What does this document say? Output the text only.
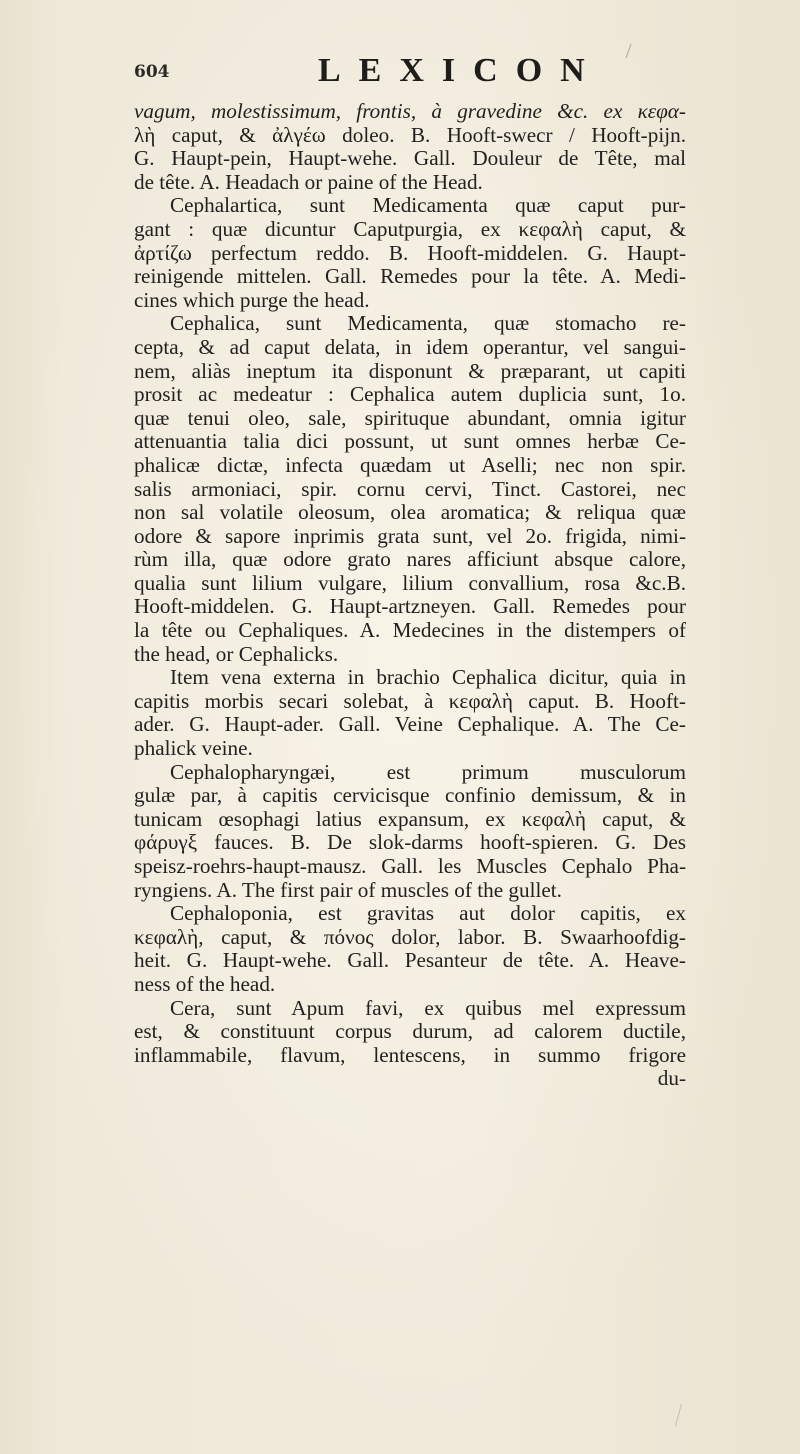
604	LEXICON
vagum, molestissimum, frontis, à gravedine &c. ex κεφα-
λὴ caput, & ἀλγέω doleo. B. Hooft-swecr / Hooft-pijn.
G. Haupt-pein, Haupt-wehe. Gall. Douleur de Tête, mal
de tête. A. Headach or paine of the Head.
Cephalartica, sunt Medicamenta quæ caput pur-
gant : quæ dicuntur Caputpurgia, ex κεφαλὴ caput, &
ἀρτίζω perfectum reddo. B. Hooft-middelen. G. Haupt-
reinigende mittelen. Gall. Remedes pour la tête. A. Medi-
cines which purge the head.
Cephalica, sunt Medicamenta, quæ stomacho re-
cepta, & ad caput delata, in idem operantur, vel sangui-
nem, aliàs ineptum ita disponunt & præparant, ut capiti
prosit ac medeatur : Cephalica autem duplicia sunt, 1o.
quæ tenui oleo, sale, spirituque abundant, omnia igitur
attenuantia talia dici possunt, ut sunt omnes herbæ Ce-
phalicæ dictæ, infecta quædam ut Aselli; nec non spir.
salis armoniaci, spir. cornu cervi, Tinct. Castorei, nec
non sal volatile oleosum, olea aromatica; & reliqua quæ
odore & sapore inprimis grata sunt, vel 2o. frigida, nimi-
rùm illa, quæ odore grato nares afficiunt absque calore,
qualia sunt lilium vulgare, lilium convallium, rosa &c.B.
Hooft-middelen. G. Haupt-artzneyen. Gall. Remedes pour
la tête ou Cephaliques. A. Medecines in the distempers of
the head, or Cephalicks.
Item vena externa in brachio Cephalica dicitur, quia in
capitis morbis secari solebat, à κεφαλὴ caput. B. Hooft-
ader. G. Haupt-ader. Gall. Veine Cephalique. A. The Ce-
phalick veine.
Cephalopharyngæi, est primum musculorum
gulæ par, à capitis cervicisque confinio demissum, & in
tunicam œsophagi latius expansum, ex κεφαλὴ caput, &
φάρυγξ fauces. B. De slok-darms hooft-spieren. G. Des
speisz-roehrs-haupt-mausz. Gall. les Muscles Cephalo Pha-
ryngiens. A. The first pair of muscles of the gullet.
Cephaloponia, est gravitas aut dolor capitis, ex
κεφαλὴ, caput, & πόνος dolor, labor. B. Swaarhoofdig-
heit. G. Haupt-wehe. Gall. Pesanteur de tête. A. Heave-
ness of the head.
Cera, sunt Apum favi, ex quibus mel expressum
est, & constituunt corpus durum, ad calorem ductile,
inflammabile, flavum, lentescens, in summo frigore
du-
